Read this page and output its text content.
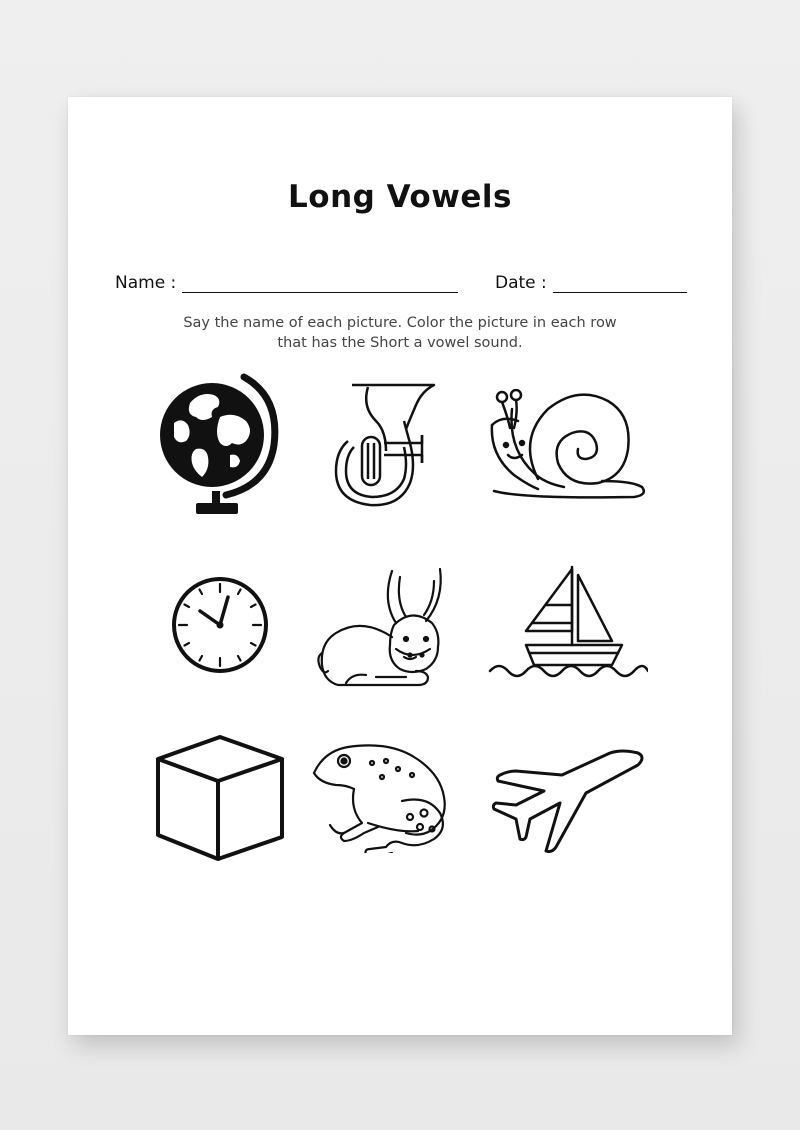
Long Vowels
Name :	Date :
Say the name of each picture. Color the picture in each row
that has the Short a vowel sound.
